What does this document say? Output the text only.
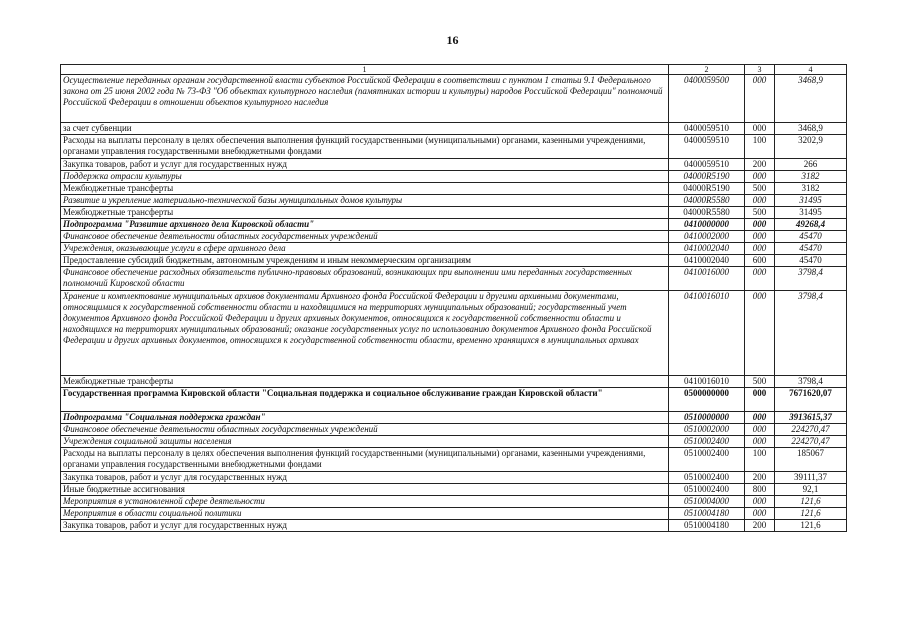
16
1	2	3	4
Осуществление переданных органам государственной власти субъектов Российской Федерации в соответствии с пунктом 1 статьи 9.1 Федерального закона от 25 июня 2002 года № 73-ФЗ "Об объектах культурного наследия (памятниках истории и культуры) народов Российской Федерации" полномочий Российской Федерации в отношении объектов культурного наследия	0400059500	000	3468,9
за счет субвенции	0400059510	000	3468,9
Расходы на выплаты персоналу в целях обеспечения выполнения функций государственными (муниципальными) органами, казенными учреждениями, органами управления государственными внебюджетными фондами	0400059510	100	3202,9
Закупка товаров, работ и услуг для государственных нужд	0400059510	200	266
Поддержка отрасли культуры	04000R5190	000	3182
Межбюджетные трансферты	04000R5190	500	3182
Развитие и укрепление материально-технической базы муниципальных домов культуры	04000R5580	000	31495
Межбюджетные трансферты	04000R5580	500	31495
Подпрограмма "Развитие архивного дела Кировской области"	0410000000	000	49268,4
Финансовое обеспечение деятельности областных государственных учреждений	0410002000	000	45470
Учреждения, оказывающие услуги в сфере архивного дела	0410002040	000	45470
Предоставление субсидий бюджетным, автономным учреждениям и иным некоммерческим организациям	0410002040	600	45470
Финансовое обеспечение расходных обязательств публично-правовых образований, возникающих при выполнении ими переданных государственных полномочий Кировской области	0410016000	000	3798,4
Хранение и комплектование муниципальных архивов документами Архивного фонда Российской Федерации и другими архивными документами, относящимися к государственной собственности области и находящимися на территориях муниципальных образований; государственный учет документов Архивного фонда Российской Федерации и других архивных документов, относящихся к государственной собственности области и находящихся на территориях муниципальных образований; оказание государственных услуг по использованию документов Архивного фонда Российской Федерации и других архивных документов, относящихся к государственной собственности области, временно хранящихся в муниципальных архивах	0410016010	000	3798,4
Межбюджетные трансферты	0410016010	500	3798,4
Государственная программа Кировской области "Социальная поддержка и социальное обслуживание граждан Кировской области"	0500000000	000	7671620,07
Подпрограмма "Социальная поддержка граждан"	0510000000	000	3913615,37
Финансовое обеспечение деятельности областных государственных учреждений	0510002000	000	224270,47
Учреждения социальной защиты населения	0510002400	000	224270,47
Расходы на выплаты персоналу в целях обеспечения выполнения функций государственными (муниципальными) органами, казенными учреждениями, органами управления государственными внебюджетными фондами	0510002400	100	185067
Закупка товаров, работ и услуг для государственных нужд	0510002400	200	39111,37
Иные бюджетные ассигнования	0510002400	800	92,1
Мероприятия в установленной сфере деятельности	0510004000	000	121,6
Мероприятия в области социальной политики	0510004180	000	121,6
Закупка товаров, работ и услуг для государственных нужд	0510004180	200	121,6
